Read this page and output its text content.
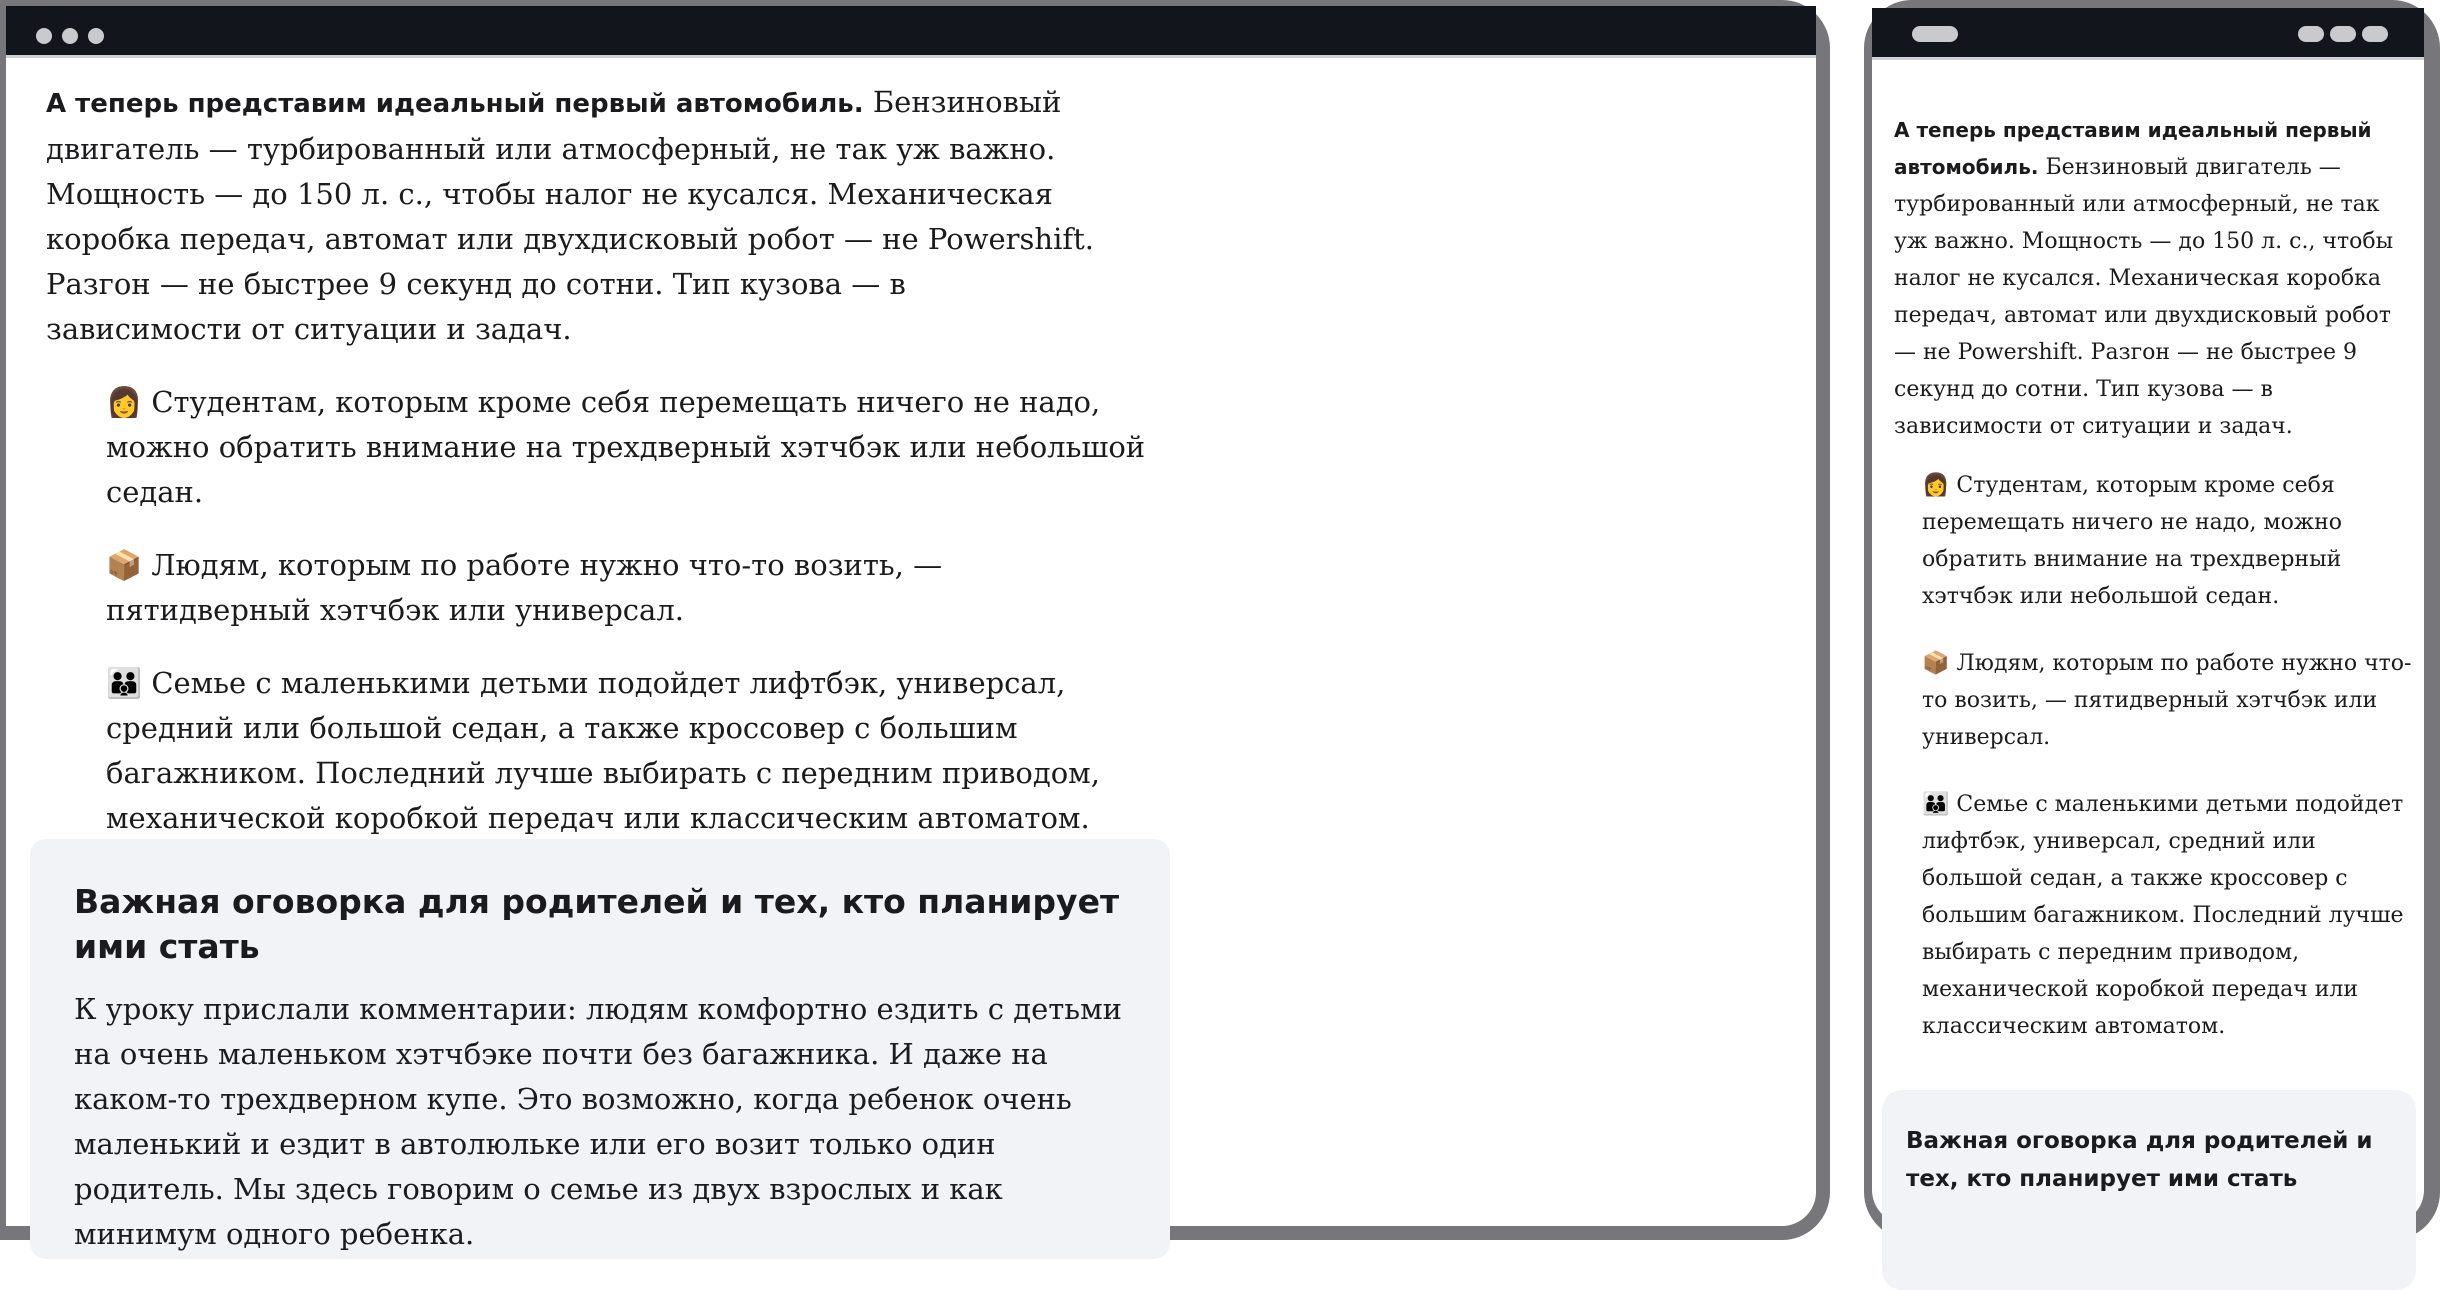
А теперь представим идеальный первый автомобиль. Бензиновый двигатель — турбированный или атмосферный, не так уж важно. Мощность — до 150 л. с., чтобы налог не кусался. Механическая коробка передач, автомат или двухдисковый робот — не Powershift. Разгон — не быстрее 9 секунд до сотни. Тип кузова — в зависимости от ситуации и задач.

👩 Студентам, которым кроме себя перемещать ничего не надо, можно обратить внимание на трехдверный хэтчбэк или небольшой седан.

📦 Людям, которым по работе нужно что-то возить, — пятидверный хэтчбэк или универсал.

👪 Семье с маленькими детьми подойдет лифтбэк, универсал, средний или большой седан, а также кроссовер с большим багажником. Последний лучше выбирать с передним приводом, механической коробкой передач или классическим автоматом.

Важная оговорка для родителей и тех, кто планирует ими стать

К уроку прислали комментарии: людям комфортно ездить с детьми на очень маленьком хэтчбэке почти без багажника. И даже на каком-то трехдверном купе. Это возможно, когда ребенок очень маленький и ездит в автолюльке или его возит только один родитель. Мы здесь говорим о семье из двух взрослых и как минимум одного ребенка.

А теперь представим идеальный первый автомобиль. Бензиновый двигатель — турбированный или атмосферный, не так уж важно. Мощность — до 150 л. с., чтобы налог не кусался. Механическая коробка передач, автомат или двухдисковый робот — не Powershift. Разгон — не быстрее 9 секунд до сотни. Тип кузова — в зависимости от ситуации и задач.

👩 Студентам, которым кроме себя перемещать ничего не надо, можно обратить внимание на трехдверный хэтчбэк или небольшой седан.

📦 Людям, которым по работе нужно что-то возить, — пятидверный хэтчбэк или универсал.

👪 Семье с маленькими детьми подойдет лифтбэк, универсал, средний или большой седан, а также кроссовер с большим багажником. Последний лучше выбирать с передним приводом, механической коробкой передач или классическим автоматом.

Важная оговорка для родителей и тех, кто планирует ими стать
